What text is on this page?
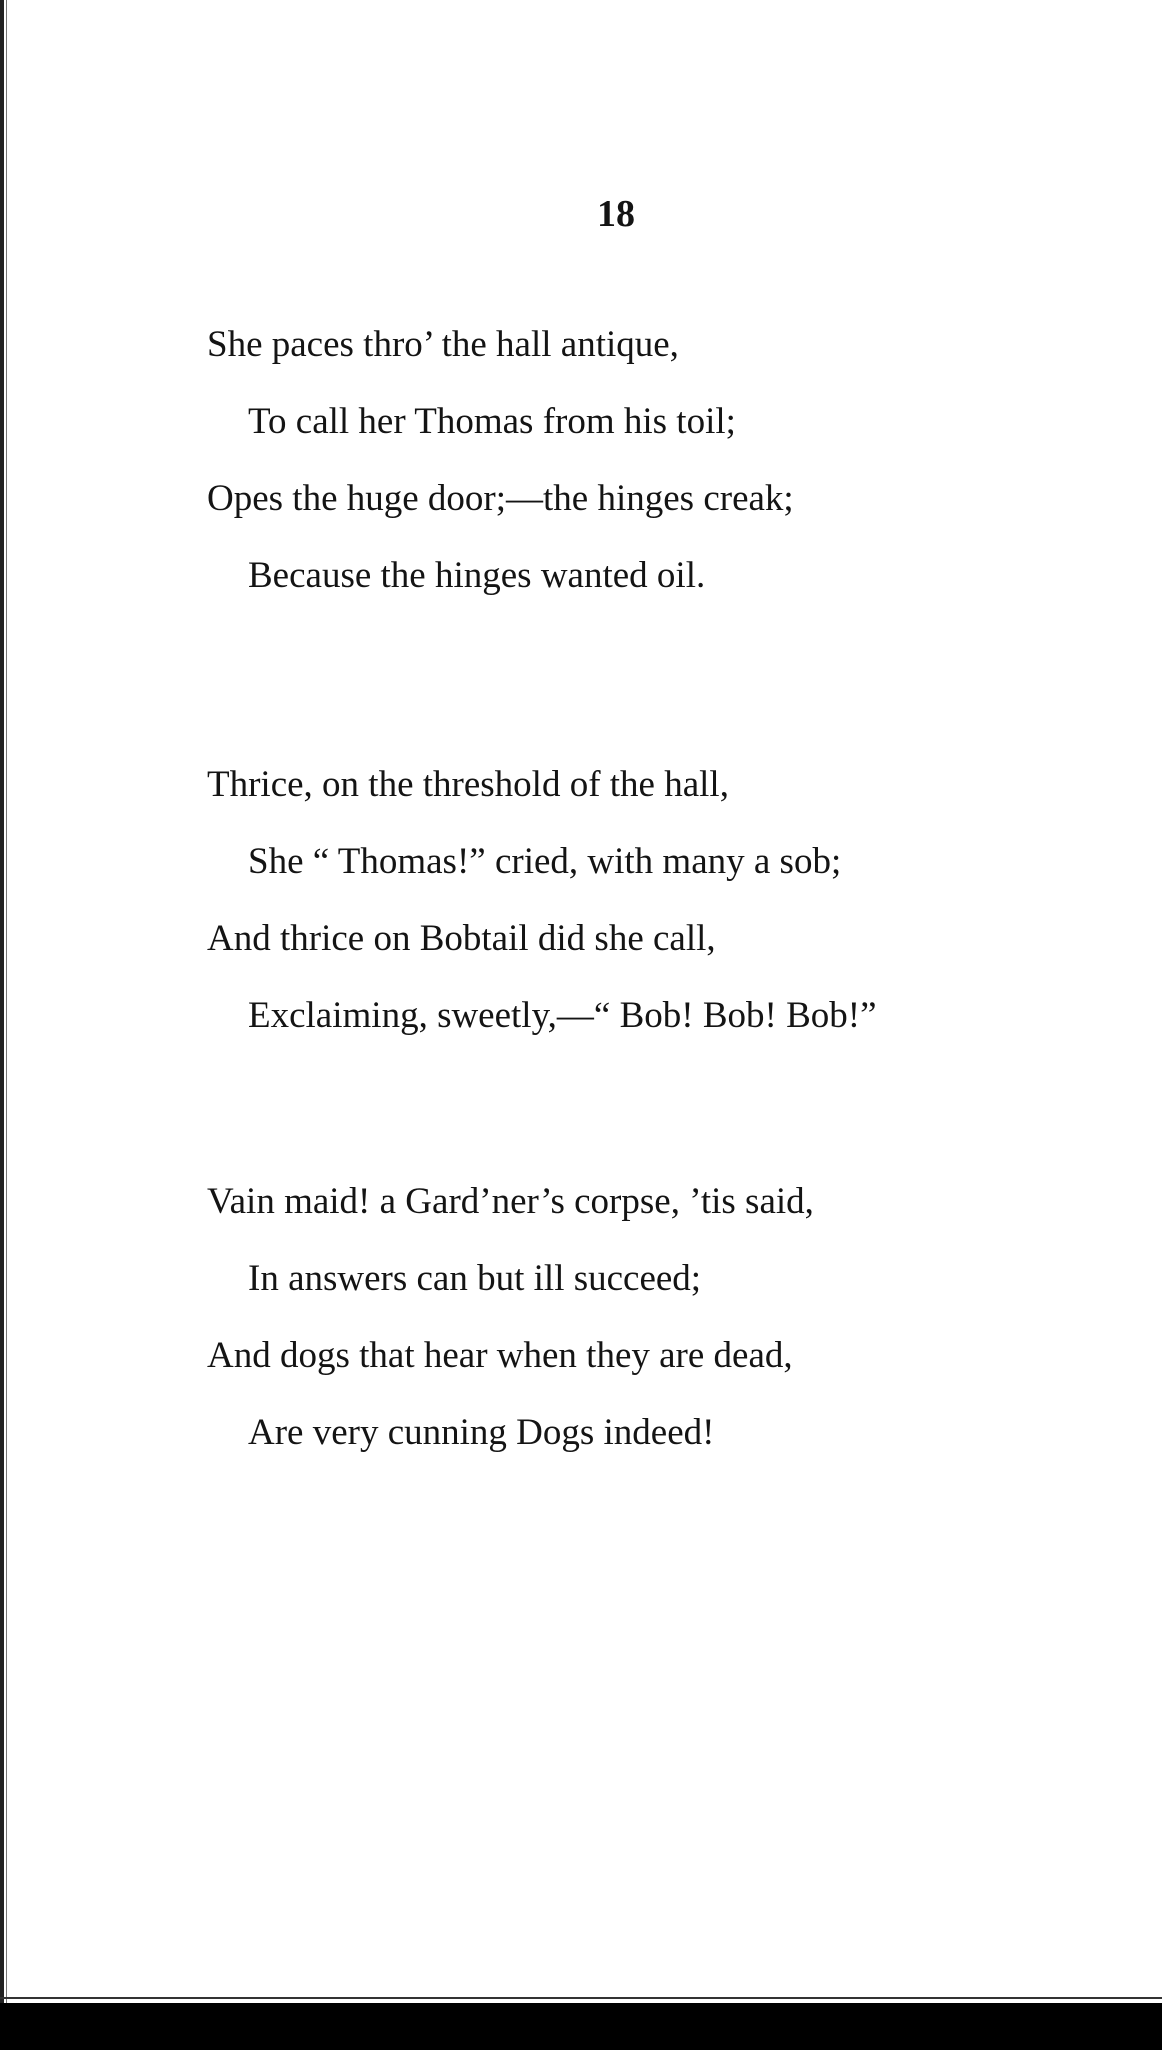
18
She paces thro’ the hall antique,
To call her Thomas from his toil;
Opes the huge door;—the hinges creak;
Because the hinges wanted oil.
Thrice, on the threshold of the hall,
She “ Thomas!” cried, with many a sob;
And thrice on Bobtail did she call,
Exclaiming, sweetly,—“ Bob! Bob! Bob!”
Vain maid! a Gard’ner’s corpse, ’tis said,
In answers can but ill succeed;
And dogs that hear when they are dead,
Are very cunning Dogs indeed!
